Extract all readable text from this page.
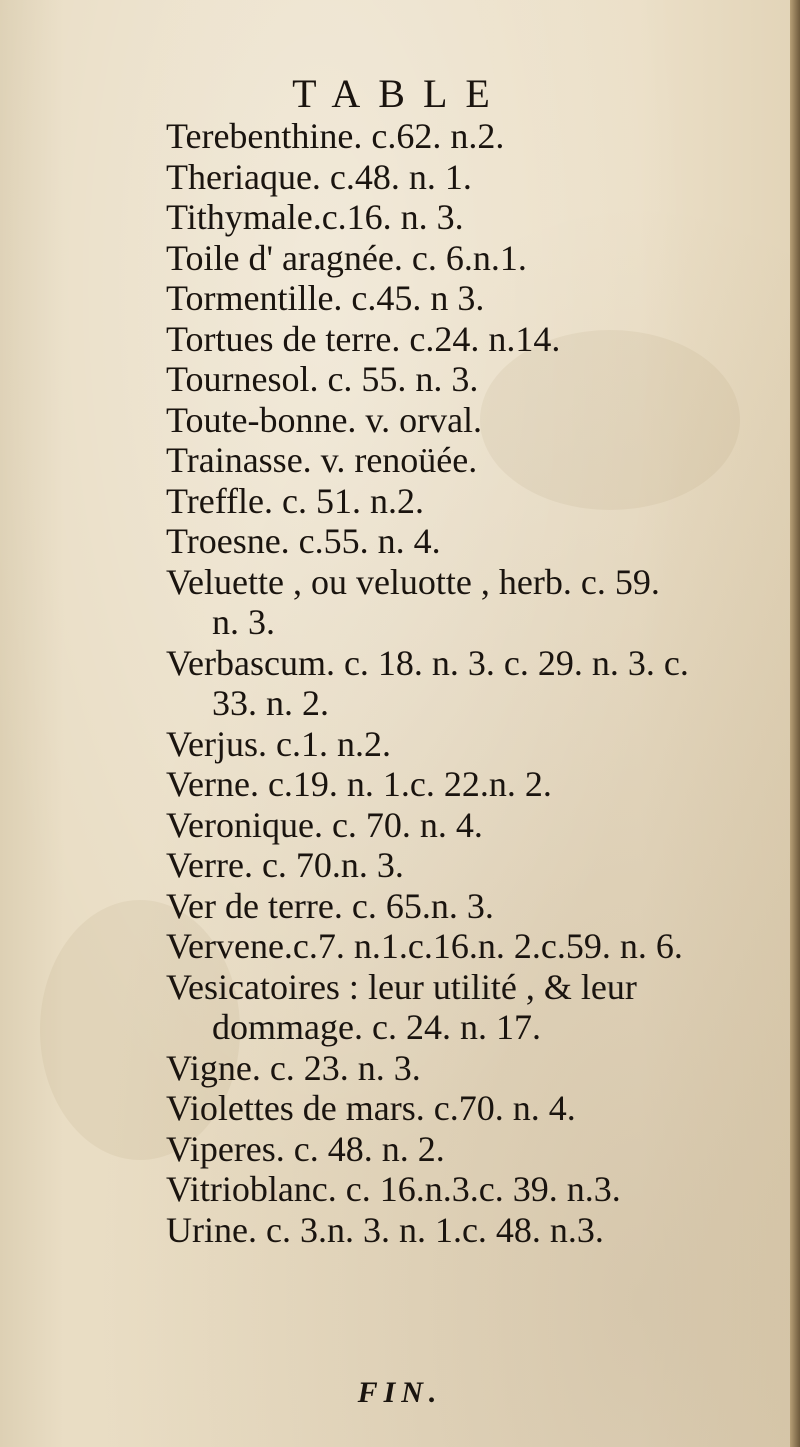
TABLE
Terebenthine. c.62. n.2.
Theriaque. c.48. n. 1.
Tithymale.c.16. n. 3.
Toile d' aragnée. c. 6.n.1.
Tormentille. c.45. n 3.
Tortues de terre. c.24. n.14.
Tournesol. c. 55. n. 3.
Toute-bonne. v. orval.
Trainasse. v. renoüée.
Treffle. c. 51. n.2.
Troesne. c.55. n. 4.
Veluette , ou veluotte , herb. c. 59.
n. 3.
Verbascum. c. 18. n. 3. c. 29. n. 3. c.
33. n. 2.
Verjus. c.1. n.2.
Verne. c.19. n. 1.c. 22.n. 2.
Veronique. c. 70. n. 4.
Verre. c. 70.n. 3.
Ver de terre. c. 65.n. 3.
Vervene.c.7. n.1.c.16.n. 2.c.59. n. 6.
Vesicatoires : leur utilité , & leur
dommage. c. 24. n. 17.
Vigne. c. 23. n. 3.
Violettes de mars. c.70. n. 4.
Viperes. c. 48. n. 2.
Vitrioblanc. c. 16.n.3.c. 39. n.3.
Urine. c. 3.n. 3. n. 1.c. 48. n.3.
FIN.
